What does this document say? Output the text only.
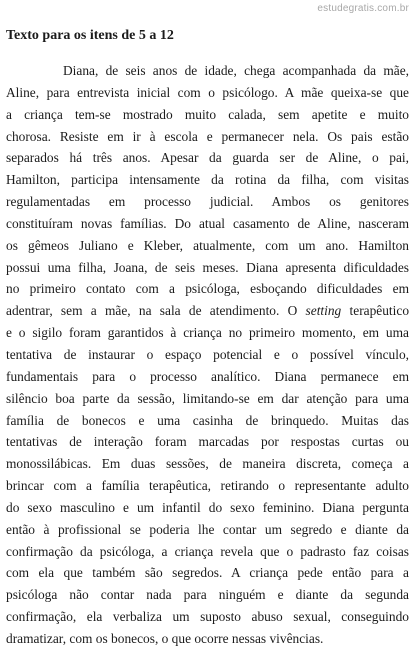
estudegratis.com.br
Texto para os itens de 5 a 12
Diana, de seis anos de idade, chega acompanhada da mãe,
Aline, para entrevista inicial com o psicólogo. A mãe queixa-se que
a criança tem-se mostrado muito calada, sem apetite e muito
chorosa. Resiste em ir à escola e permanecer nela. Os pais estão
separados há três anos. Apesar da guarda ser de Aline, o pai,
Hamilton, participa intensamente da rotina da filha, com visitas
regulamentadas em processo judicial. Ambos os genitores
constituíram novas famílias. Do atual casamento de Aline, nasceram
os gêmeos Juliano e Kleber, atualmente, com um ano. Hamilton
possui uma filha, Joana, de seis meses. Diana apresenta dificuldades
no primeiro contato com a psicóloga, esboçando dificuldades em
adentrar, sem a mãe, na sala de atendimento. O setting terapêutico
e o sigilo foram garantidos à criança no primeiro momento, em uma
tentativa de instaurar o espaço potencial e o possível vínculo,
fundamentais para o processo analítico. Diana permanece em
silêncio boa parte da sessão, limitando-se em dar atenção para uma
família de bonecos e uma casinha de brinquedo. Muitas das
tentativas de interação foram marcadas por respostas curtas ou
monossilábicas. Em duas sessões, de maneira discreta, começa a
brincar com a família terapêutica, retirando o representante adulto
do sexo masculino e um infantil do sexo feminino. Diana pergunta
então à profissional se poderia lhe contar um segredo e diante da
confirmação da psicóloga, a criança revela que o padrasto faz coisas
com ela que também são segredos. A criança pede então para a
psicóloga não contar nada para ninguém e diante da segunda
confirmação, ela verbaliza um suposto abuso sexual, conseguindo
dramatizar, com os bonecos, o que ocorre nessas vivências.
